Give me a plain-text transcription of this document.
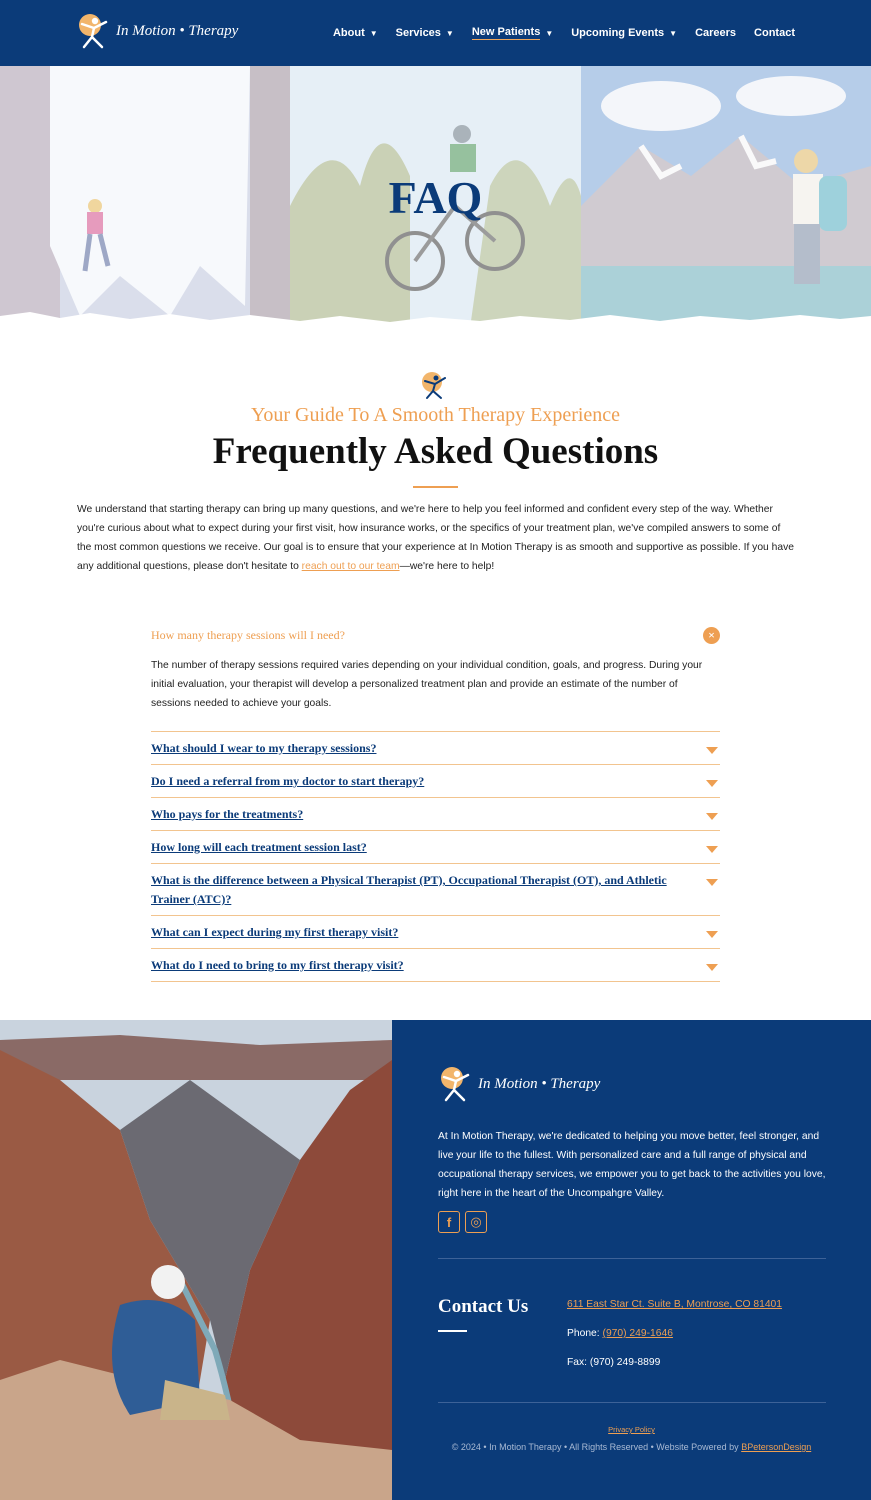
In Motion • Therapy	About ▼ Services ▼ New Patients ▼ Upcoming Events ▼ Careers Contact
FAQ
Your Guide To A Smooth Therapy Experience
Frequently Asked Questions

We understand that starting therapy can bring up many questions, and we're here to help you feel informed and confident every step of the way. Whether you're curious about what to expect during your first visit, how insurance works, or the specifics of your treatment plan, we've compiled answers to some of the most common questions we receive. Our goal is to ensure that your experience at In Motion Therapy is as smooth and supportive as possible. If you have any additional questions, please don't hesitate to reach out to our team—we're here to help!

How many therapy sessions will I need?	×

The number of therapy sessions required varies depending on your individual condition, goals, and progress. During your initial evaluation, your therapist will develop a personalized treatment plan and provide an estimate of the number of sessions needed to achieve your goals.

What should I wear to my therapy sessions?
Do I need a referral from my doctor to start therapy?
Who pays for the treatments?
How long will each treatment session last?
What is the difference between a Physical Therapist (PT), Occupational Therapist (OT), and Athletic Trainer (ATC)?
What can I expect during my first therapy visit?
What do I need to bring to my first therapy visit?
In Motion • Therapy

At In Motion Therapy, we're dedicated to helping you move better, feel stronger, and live your life to the fullest. With personalized care and a full range of physical and occupational therapy services, we empower you to get back to the activities you love, right here in the heart of the Uncompahgre Valley.

f ◎
Contact Us	611 East Star Ct. Suite B, Montrose, CO 81401
Phone: (970) 249-1646
Fax: (970) 249-8899
Privacy Policy
© 2024 • In Motion Therapy • All Rights Reserved • Website Powered by BPetersonDesign
